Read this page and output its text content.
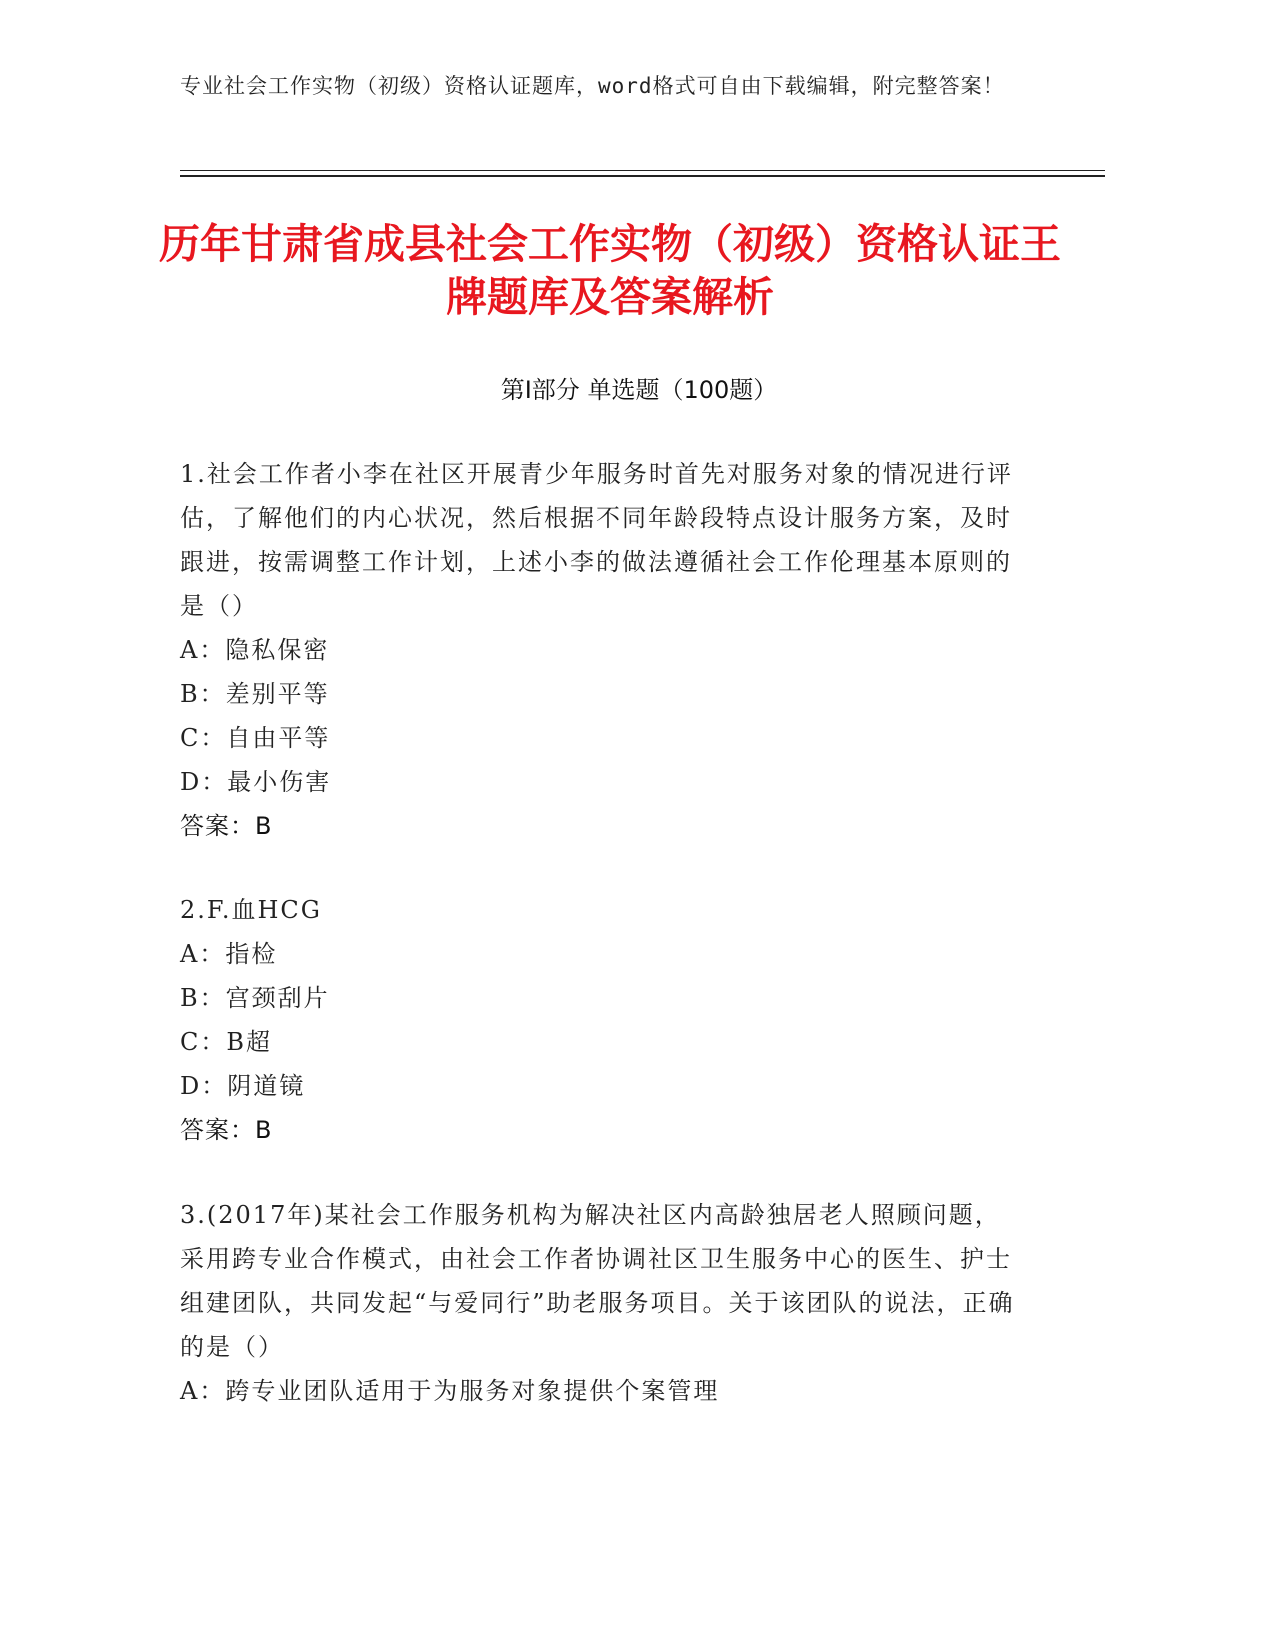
专业社会工作实物（初级）资格认证题库，word格式可自由下载编辑，附完整答案！
历年甘肃省成县社会工作实物（初级）资格认证王牌题库及答案解析
第Ⅰ部分 单选题（100题）
1.社会工作者小李在社区开展青少年服务时首先对服务对象的情况进行评估，了解他们的内心状况，然后根据不同年龄段特点设计服务方案，及时跟进，按需调整工作计划，上述小李的做法遵循社会工作伦理基本原则的是（）
A：隐私保密
B：差别平等
C：自由平等
D：最小伤害
答案：B
2.F.血HCG
A：指检
B：宫颈刮片
C：B超
D：阴道镜
答案：B
3.(2017年)某社会工作服务机构为解决社区内高龄独居老人照顾问题，采用跨专业合作模式，由社会工作者协调社区卫生服务中心的医生、护士组建团队，共同发起“与爱同行”助老服务项目。关于该团队的说法，正确的是（）
A：跨专业团队适用于为服务对象提供个案管理
